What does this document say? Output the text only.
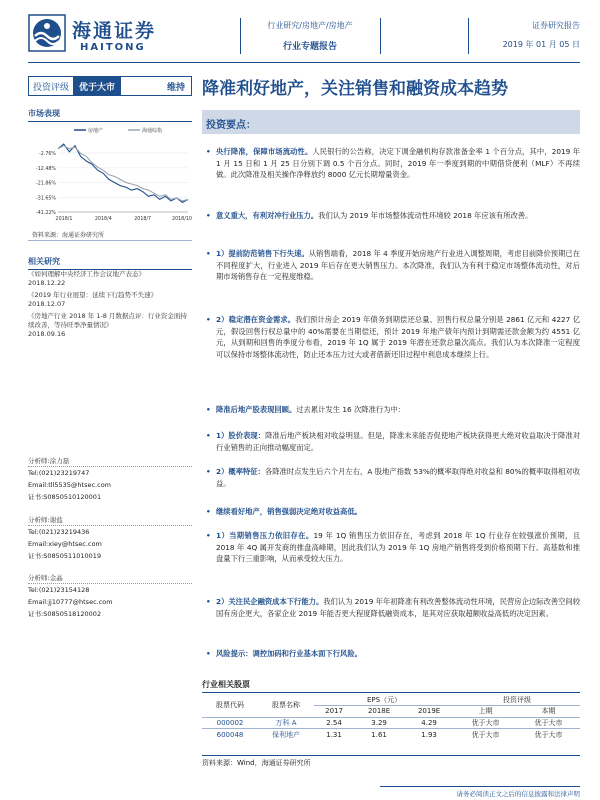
海通证券
HAITONG
行业研究/房地产/房地产
行业专题报告
证券研究报告
2019 年 01 月 05 日
投资评级	优于大市	维持	降准利好地产，关注销售和融资成本趋势
市场表现
房地产	海通综指
-2.76%
-12.48%
-21.86%
-31.65%
-41.22%
2018/1	2018/4	2018/7	2018/10
资料来源：海通证券研究所
相关研究
《如何理解中央经济工作会议地产表态》
2018.12.22
《2019 年行业展望：延续下行趋势不失速》
2018.12.07
《房地产行业 2018 年 1-8 月数据点评：行业资金面持续改善，等待旺季净量情况》
2018.09.16
分析师:涂力磊
Tel:(021)23219747
Email:tll5535@htsec.com
证书:S0850510120001
分析师:谢盐
Tel:(021)23219436
Email:xiey@htsec.com
证书:S0850511010019
分析师:金晶
Tel:(021)23154128
Email:jj10777@htsec.com
证书:S0850518120002
投资要点：
• 央行降准，保障市场流动性。人民银行的公告称，决定下调金融机构存款准备金率 1 个百分点，其中，2019 年 1 月 15 日和 1 月 25 日分别下调 0.5 个百分点。同时，2019 年一季度到期的中期借贷便利（MLF）不再续做。此次降准及相关操作净释放约 8000 亿元长期增量资金。
• 意义重大，有利对冲行业压力。我们认为 2019 年市场整体流动性环境较 2018 年应该有所改善。
• 1）提前防范销售下行失速。从销售端看，2018 年 4 季度开始房地产行业进入调整周期，考虑目前降价预期已在不同程度扩大，行业进入 2019 年后存在更大销售压力。本次降准，我们认为有利于稳定市场整体流动性，对后期市场销售存在一定程度维稳。
• 2）稳定潜在资金需求。我们预计房企 2019 年债务到期偿还总量、回售行权总量分别是 2861 亿元和 4227 亿元，假设回售行权总量中的 40%需要在当期偿还，预计 2019 年地产债年内预计到期需还款金额为约 4551 亿元，从到期和回售的季度分布看，2019 年 1Q 属于 2019 年潜在还款总量次高点。我们认为本次降准一定程度可以保持市场整体流动性，防止还本压力过大或者借新还旧过程中利息成本继续上行。
• 降准后地产股表现回顾。过去累计发生 16 次降准行为中：
• 1）股价表现：降准后地产板块相对收益明显。但是，降准未来能否促使地产板块获得更大绝对收益取决于降准对行业销售的正向推动幅度而定。
• 2）概率特征：各降准时点发生后六个月左右，A 股地产指数 53%的概率取得绝对收益和 80%的概率取得相对收益。
• 继续看好地产，销售强弱决定绝对收益高低。
• 1）当期销售压力依旧存在。19 年 1Q 销售压力依旧存在，考虑到 2018 年 1Q 行业存在较强涨价预期，且 2018 年 4Q 属开发商的推盘高峰期，因此我们认为 2019 年 1Q 房地产销售将受到价格预期下行、高基数和推盘量下行三重影响，从而承受较大压力。
• 2）关注民企融资成本下行能力。我们认为 2019 年年初降准有利改善整体流动性环境，民营房企边际改善空间较国有房企更大，各家企业 2019 年能否更大程度降低融资成本，是其对应获取超额收益高低的决定因素。
• 风险提示：调控加码和行业基本面下行风险。
行业相关股票
股票代码	股票名称	EPS（元）			投资评级	
		2017	2018E	2019E	上期	本期
000002	万科 A	2.54	3.29	4.29	优于大市	优于大市
600048	保利地产	1.31	1.61	1.93	优于大市	优于大市
资料来源：Wind，海通证券研究所
请务必阅读正文之后的信息披露和法律声明
